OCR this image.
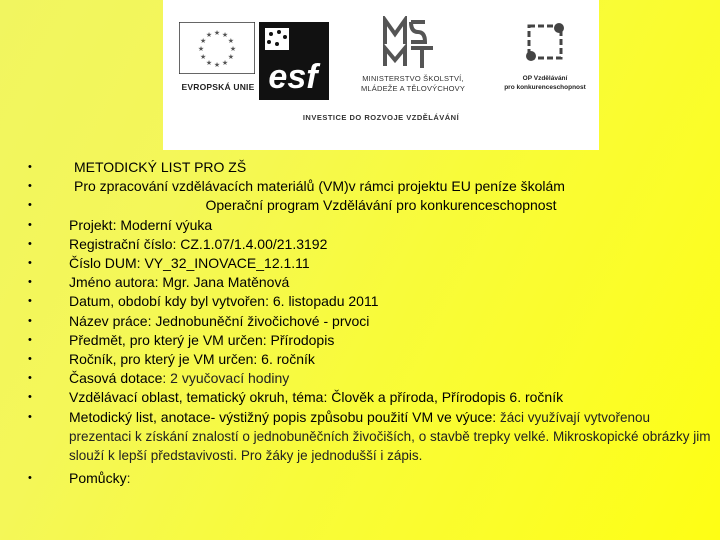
★
★
★
★
★
★
★
★
★ ★ ★
★
EVROPSKÁ UNIE esf	MINISTERSTVO ŠKOLSTVÍ,
MLÁDEŽE A TĚLOVÝCHOVY
OP Vzdělávání
pro konkurenceschopnost
INVESTICE DO ROZVOJE VZDĚLÁVÁNÍ
•	METODICKÝ LIST PRO ZŠ
•	Pro zpracování vzdělávacích materiálů (VM)v rámci projektu EU peníze školám
•	Operační program Vzdělávání pro konkurenceschopnost
•	Projekt: Moderní výuka
•	Registrační číslo: CZ.1.07/1.4.00/21.3192
•	Číslo DUM: VY_32_INOVACE_12.1.11
•	Jméno autora: Mgr. Jana Matěnová
•	Datum, období kdy byl vytvořen: 6. listopadu 2011
•	Název práce: Jednobuněční živočichové - prvoci
•	Předmět, pro který je VM určen: Přírodopis
•	Ročník, pro který je VM určen: 6. ročník
•	Časová dotace: 2 vyučovací hodiny
•	Vzdělávací oblast, tematický okruh, téma: Člověk a příroda, Přírodopis 6. ročník
•	Metodický list, anotace- výstižný popis způsobu použití VM ve výuce: žáci využívají vytvořenou prezentaci k získání znalostí o jednobuněčních živočiších, o stavbě trepky velké. Mikroskopické obrázky jim slouží k lepší představivosti. Pro žáky je jednodušší i zápis.
•	Pomůcky:
